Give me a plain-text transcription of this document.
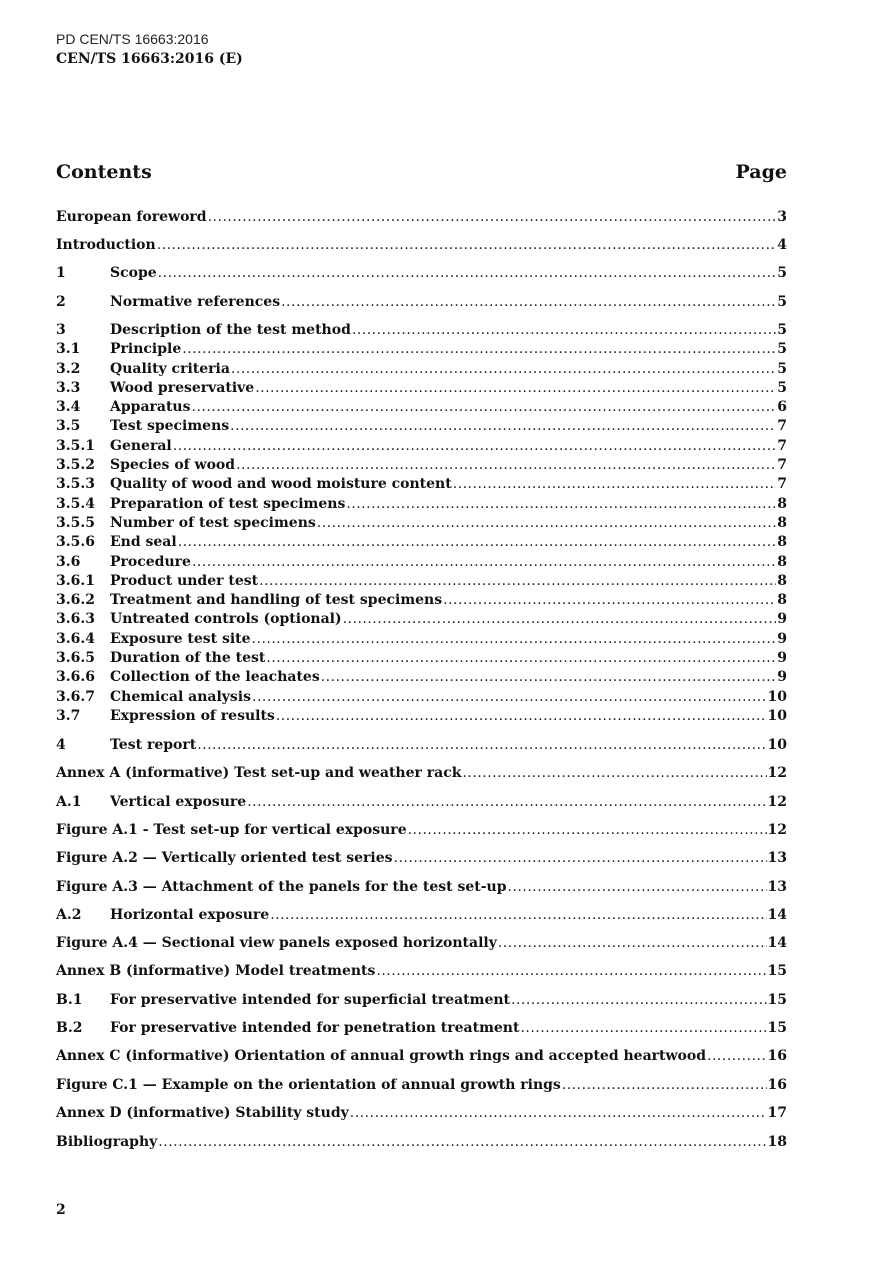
PD CEN/TS 16663:2016
CEN/TS 16663:2016 (E)
Contents	Page
European foreword .....	3
Introduction .....	4
1	Scope .....	5
2	Normative references .....	5
3	Description of the test method .....	5
3.1	Principle .....	5
3.2	Quality criteria .....	5
3.3	Wood preservative .....	5
3.4	Apparatus .....	6
3.5	Test specimens .....	7
3.5.1	General .....	7
3.5.2	Species of wood .....	7
3.5.3	Quality of wood and wood moisture content .....	7
3.5.4	Preparation of test specimens .....	8
3.5.5	Number of test specimens .....	8
3.5.6	End seal .....	8
3.6	Procedure .....	8
3.6.1	Product under test .....	8
3.6.2	Treatment and handling of test specimens .....	8
3.6.3	Untreated controls (optional) .....	9
3.6.4	Exposure test site .....	9
3.6.5	Duration of the test .....	9
3.6.6	Collection of the leachates .....	9
3.6.7	Chemical analysis .....	10
3.7	Expression of results .....	10
4	Test report .....	10
Annex A (informative) Test set-up and weather rack .....	12
A.1	Vertical exposure .....	12
Figure A.1 - Test set-up for vertical exposure .....	12
Figure A.2 — Vertically oriented test series .....	13
Figure A.3 — Attachment of the panels for the test set-up .....	13
A.2	Horizontal exposure .....	14
Figure A.4 — Sectional view panels exposed horizontally .....	14
Annex B (informative) Model treatments .....	15
B.1	For preservative intended for superficial treatment .....	15
B.2	For preservative intended for penetration treatment .....	15
Annex C (informative) Orientation of annual growth rings and accepted heartwood .....	16
Figure C.1 — Example on the orientation of annual growth rings .....	16
Annex D (informative) Stability study .....	17
Bibliography .....	18
2
